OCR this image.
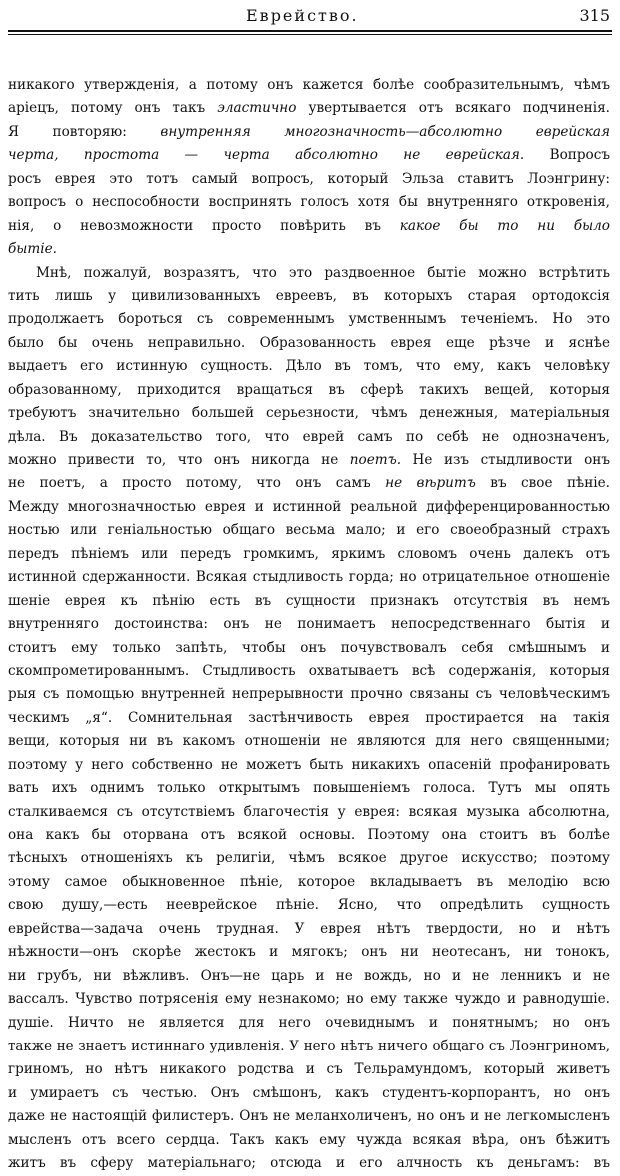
Еврейство.	315
никакого утвержденія, а потому онъ кажется болѣе сообразительнымъ, чѣмъ
аріецъ, потому онъ такъ эластично увертывается отъ всякаго подчиненія.
Я повторяю: внутренняя многозначность—абсолютно еврейская
черта, простота — черта абсолютно не еврейская. Вопросъ
росъ еврея это тотъ самый вопросъ, который Эльза ставитъ Лоэнгрину:
вопросъ о неспособности воспринять голосъ хотя бы внутренняго откровенія,
нія, о невозможности просто повѣрить въ какое бы то ни было
бытіе.
Мнѣ, пожалуй, возразятъ, что это раздвоенное бытіе можно встрѣтить
тить лишь у цивилизованныхъ евреевъ, въ которыхъ старая ортодоксія
продолжаетъ бороться съ современнымъ умственнымъ теченіемъ. Но это
было бы очень неправильно. Образованность еврея еще рѣзче и яснѣе
выдаетъ его истинную сущность. Дѣло въ томъ, что ему, какъ человѣку
образованному, приходится вращаться въ сферѣ такихъ вещей, которыя
требуютъ значительно большей серьезности, чѣмъ денежныя, матеріальныя
дѣла. Въ доказательство того, что еврей самъ по себѣ не однозначенъ,
можно привести то, что онъ никогда не поетъ. Не изъ стыдливости онъ
не поетъ, а просто потому, что онъ самъ не вѣритъ въ свое пѣніе.
Между многозначностью еврея и истинной реальной дифференцированностью
ностью или геніальностью общаго весьма мало; и его своеобразный страхъ
передъ пѣніемъ или передъ громкимъ, яркимъ словомъ очень далекъ отъ
истинной сдержанности. Всякая стыдливость горда; но отрицательное отношеніе
шеніе еврея къ пѣнію есть въ сущности признакъ отсутствія въ немъ
внутренняго достоинства: онъ не понимаетъ непосредственнаго бытія и
стоитъ ему только запѣть, чтобы онъ почувствовалъ себя смѣшнымъ и
скомпрометированнымъ. Стыдливость охватываетъ всѣ содержанія, которыя
рыя съ помощью внутренней непрерывности прочно связаны съ человѣческимъ
ческимъ „я“. Сомнительная застѣнчивость еврея простирается на такія
вещи, которыя ни въ какомъ отношеніи не являются для него священными;
поэтому у него собственно не можетъ быть никакихъ опасеній профанировать
вать ихъ однимъ только открытымъ повышеніемъ голоса. Тутъ мы опять
сталкиваемся съ отсутствіемъ благочестія у еврея: всякая музыка абсолютна,
она какъ бы оторвана отъ всякой основы. Поэтому она стоитъ въ болѣе
тѣсныхъ отношеніяхъ къ религіи, чѣмъ всякое другое искусство; поэтому
этому самое обыкновенное пѣніе, которое вкладываетъ въ мелодію всю
свою душу,—есть нееврейское пѣніе. Ясно, что опредѣлить сущность
еврейства—задача очень трудная. У еврея нѣтъ твердости, но и нѣтъ
нѣжности—онъ скорѣе жестокъ и мягокъ; онъ ни неотесанъ, ни тонокъ,
ни грубъ, ни вѣжливъ. Онъ—не царь и не вождь, но и не ленникъ и не
вассалъ. Чувство потрясенія ему незнакомо; но ему также чуждо и равнодушіе.
душіе. Ничто не является для него очевиднымъ и понятнымъ; но онъ
также не знаетъ истиннаго удивленія. У него нѣтъ ничего общаго съ Лоэнгриномъ,
гриномъ, но нѣтъ никакого родства и съ Тельрамундомъ, который живетъ
и умираетъ съ честью. Онъ смѣшонъ, какъ студентъ-корпорантъ, но онъ
даже не настоящій филистеръ. Онъ не меланхоличенъ, но онъ и не легкомысленъ
мысленъ отъ всего сердца. Такъ какъ ему чужда всякая вѣра, онъ бѣжитъ
житъ въ сферу матеріальнаго; отсюда и его алчность къ деньгамъ: въ
